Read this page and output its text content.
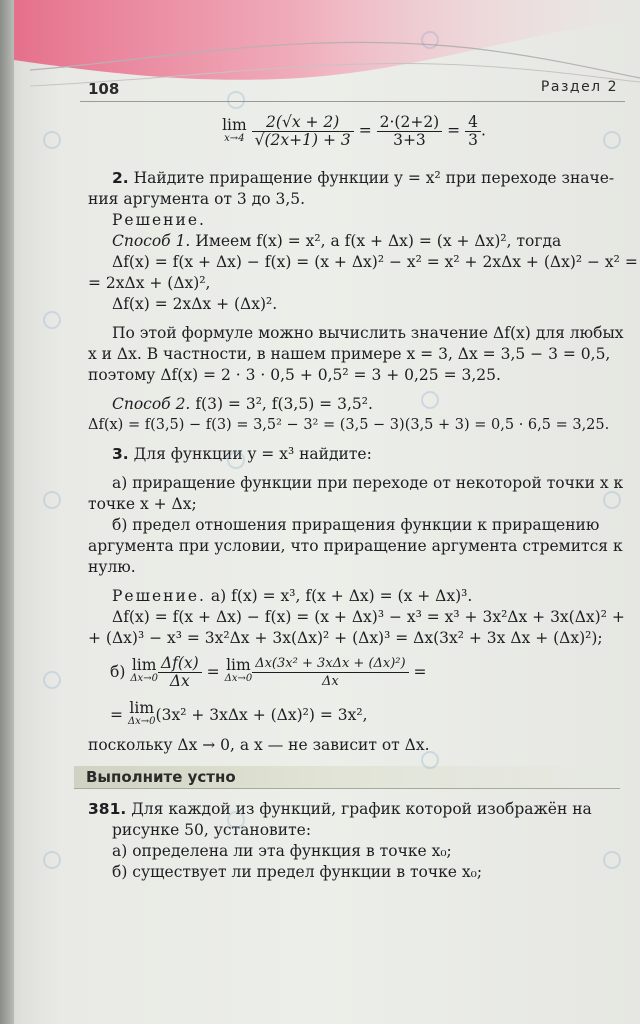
108	Раздел 2
lim
x→4
$\frac{2(√x + 2)}{√(2x+1) + 3} = \frac{2\cdot(2+2)}{3+3} = \frac{4}{3}$ .

2. Найдите приращение функции y = x² при переходе значе-

ния аргумента от 3 до 3,5.

Решение.

Способ 1. Имеем f(x) = x², а f(x + Δx) = (x + Δx)², тогда

Δf(x) = f(x + Δx) − f(x) = (x + Δx)² − x² = x² + 2xΔx + (Δx)² − x² =

= 2xΔx + (Δx)²,

Δf(x) = 2xΔx + (Δx)².

По этой формуле можно вычислить значение Δf(x) для любых

x и Δx. В частности, в нашем примере x = 3, Δx = 3,5 − 3 = 0,5,

поэтому Δf(x) = 2 · 3 · 0,5 + 0,5² = 3 + 0,25 = 3,25.

Способ 2. f(3) = 3², f(3,5) = 3,5².

Δf(x) = f(3,5) − f(3) = 3,5² − 3² = (3,5 − 3)(3,5 + 3) = 0,5 · 6,5 = 3,25.

3. Для функции y = x³ найдите:

а) приращение функции при переходе от некоторой точки x к

точке x + Δx;

б) предел отношения приращения функции к приращению

аргумента при условии, что приращение аргумента стремится к

нулю.

Решение. а) f(x) = x³, f(x + Δx) = (x + Δx)³.

Δf(x) = f(x + Δx) − f(x) = (x + Δx)³ − x³ = x³ + 3x²Δx + 3x(Δx)² +

+ (Δx)³ − x³ = 3x²Δx + 3x(Δx)² + (Δx)³ = Δx(3x² + 3x Δx + (Δx)²);

б)
lim
$\Delta x\to 0 \frac{\Delta f(x)}{\Delta x}$
=
lim
$\Delta x\to 0 \frac{\text{Δx(3x² + 3xΔx + (Δx)²)}}{\Delta x}$
=
=
lim
Δx→0 (3x² + 3xΔx + (Δx)²) = 3x²,

поскольку Δx → 0, а x — не зависит от Δx.

Выполните устно

381. Для каждой из функций, график которой изображён на

рисунке 50, установите:

а) определена ли эта функция в точке x₀;

б) существует ли предел функции в точке x₀;
